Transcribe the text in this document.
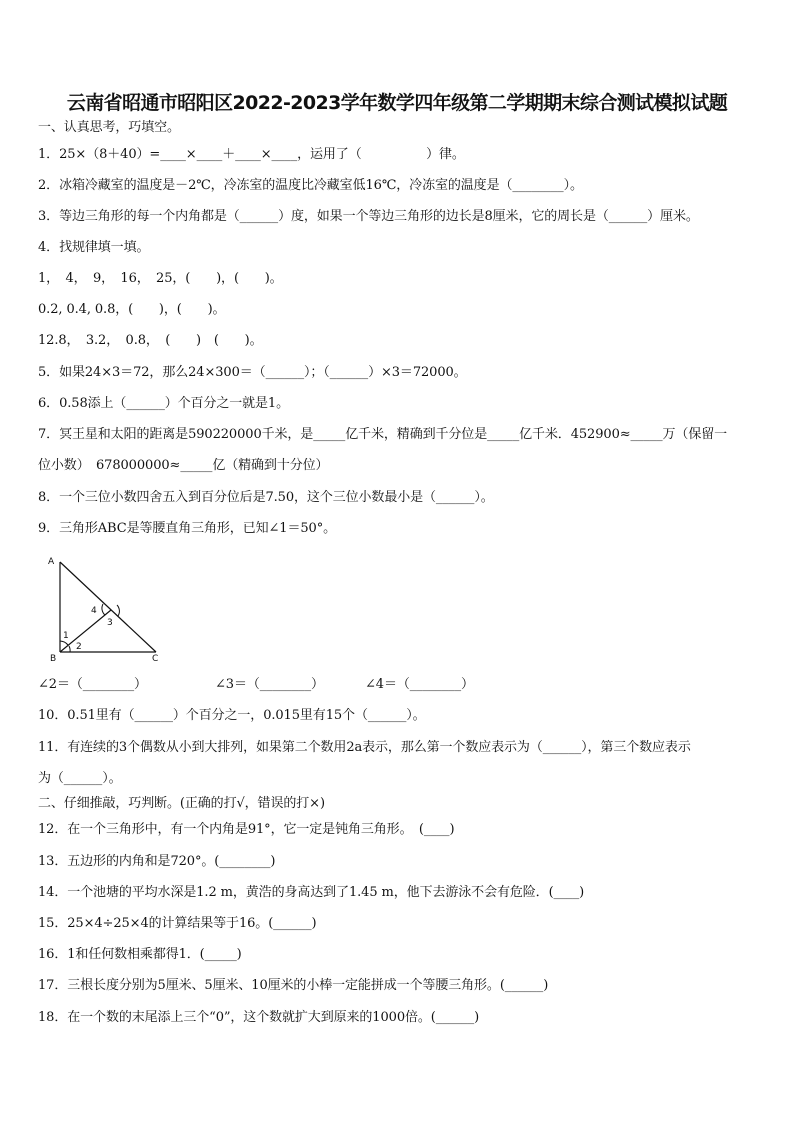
云南省昭通市昭阳区2022-2023学年数学四年级第二学期期末综合测试模拟试题
一、认真思考，巧填空。
1．25×（8＋40）=____×____＋____×____，运用了（　　　　　）律。
2．冰箱冷藏室的温度是－2℃，冷冻室的温度比冷藏室低16℃，冷冻室的温度是（________）。
3．等边三角形的每一个内角都是（______）度，如果一个等边三角形的边长是8厘米，它的周长是（______）厘米。
4．找规律填一填。
1，　4，　9，　16，　25，(　　)，(　　)。
0.2, 0.4, 0.8，(　　)，(　　)。
12.8，　3.2，　0.8，　(　　)　(　　)。
5．如果24×3＝72，那么24×300＝（______）；（______）×3＝72000。
6．0.58添上（______）个百分之一就是1。
7．冥王星和太阳的距离是590220000千米，是_____亿千米，精确到千分位是_____亿千米．452900≈_____万（保留一
位小数）　678000000≈_____亿（精确到十分位）
8．一个三位小数四舍五入到百分位后是7.50，这个三位小数最小是（______）。
9．三角形ABC是等腰直角三角形，已知∠1＝50°。
A
B	C
1
2
3
4
∠2＝（________）	∠3＝（________）	∠4＝（________）
10．0.51里有（______）个百分之一，0.015里有15个（______）。
11．有连续的3个偶数从小到大排列，如果第二个数用2a表示，那么第一个数应表示为（______），第三个数应表示
为（______）。
二、仔细推敲，巧判断。(正确的打√，错误的打×)
12．在一个三角形中，有一个内角是91°，它一定是钝角三角形。　(____)
13．五边形的内角和是720°。(________)
14．一个池塘的平均水深是1.2 m，黄浩的身高达到了1.45 m，他下去游泳不会有危险．(____)
15．25×4÷25×4的计算结果等于16。(______)
16．1和任何数相乘都得1．(_____)
17．三根长度分别为5厘米、5厘米、10厘米的小棒一定能拼成一个等腰三角形。(______)
18．在一个数的末尾添上三个“0”，这个数就扩大到原来的1000倍。(______)
